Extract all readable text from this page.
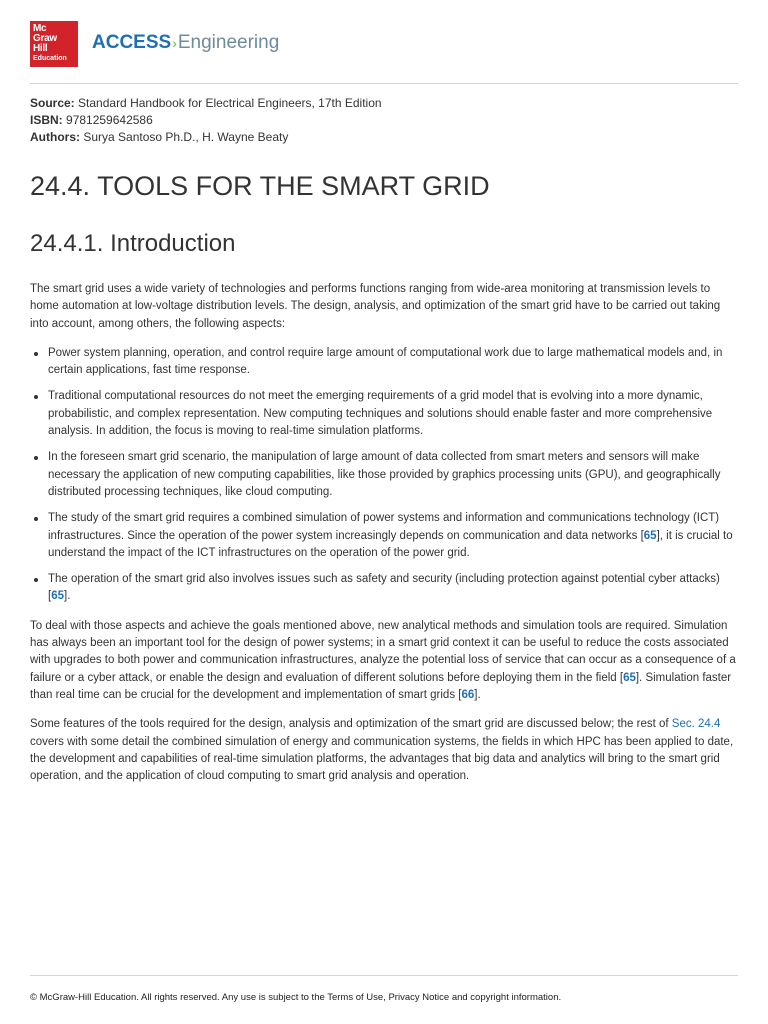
Mc
Graw
Hill
Education
ACCESS›Engineering
Source: Standard Handbook for Electrical Engineers, 17th Edition
ISBN: 9781259642586
Authors: Surya Santoso Ph.D., H. Wayne Beaty
24.4. TOOLS FOR THE SMART GRID
24.4.1. Introduction

The smart grid uses a wide variety of technologies and performs functions ranging from wide-area monitoring at transmission levels to home automation at low-voltage distribution levels. The design, analysis, and optimization of the smart grid have to be carried out taking into account, among others, the following aspects:

Power system planning, operation, and control require large amount of computational work due to large mathematical models and, in certain applications, fast time response.
Traditional computational resources do not meet the emerging requirements of a grid model that is evolving into a more dynamic, probabilistic, and complex representation. New computing techniques and solutions should enable faster and more comprehensive analysis. In addition, the focus is moving to real-time simulation platforms.
In the foreseen smart grid scenario, the manipulation of large amount of data collected from smart meters and sensors will make necessary the application of new computing capabilities, like those provided by graphics processing units (GPU), and geographically distributed processing techniques, like cloud computing.
The study of the smart grid requires a combined simulation of power systems and information and communications technology (ICT) infrastructures. Since the operation of the power system increasingly depends on communication and data networks [65], it is crucial to understand the impact of the ICT infrastructures on the operation of the power grid.
The operation of the smart grid also involves issues such as safety and security (including protection against potential cyber attacks) [65].

To deal with those aspects and achieve the goals mentioned above, new analytical methods and simulation tools are required. Simulation has always been an important tool for the design of power systems; in a smart grid context it can be useful to reduce the costs associated with upgrades to both power and communication infrastructures, analyze the potential loss of service that can occur as a consequence of a failure or a cyber attack, or enable the design and evaluation of different solutions before deploying them in the field [65]. Simulation faster than real time can be crucial for the development and implementation of smart grids [66].

Some features of the tools required for the design, analysis and optimization of the smart grid are discussed below; the rest of Sec. 24.4 covers with some detail the combined simulation of energy and communication systems, the fields in which HPC has been applied to date, the development and capabilities of real-time simulation platforms, the advantages that big data and analytics will bring to the smart grid operation, and the application of cloud computing to smart grid analysis and operation.

© McGraw-Hill Education. All rights reserved. Any use is subject to the Terms of Use, Privacy Notice and copyright information.
